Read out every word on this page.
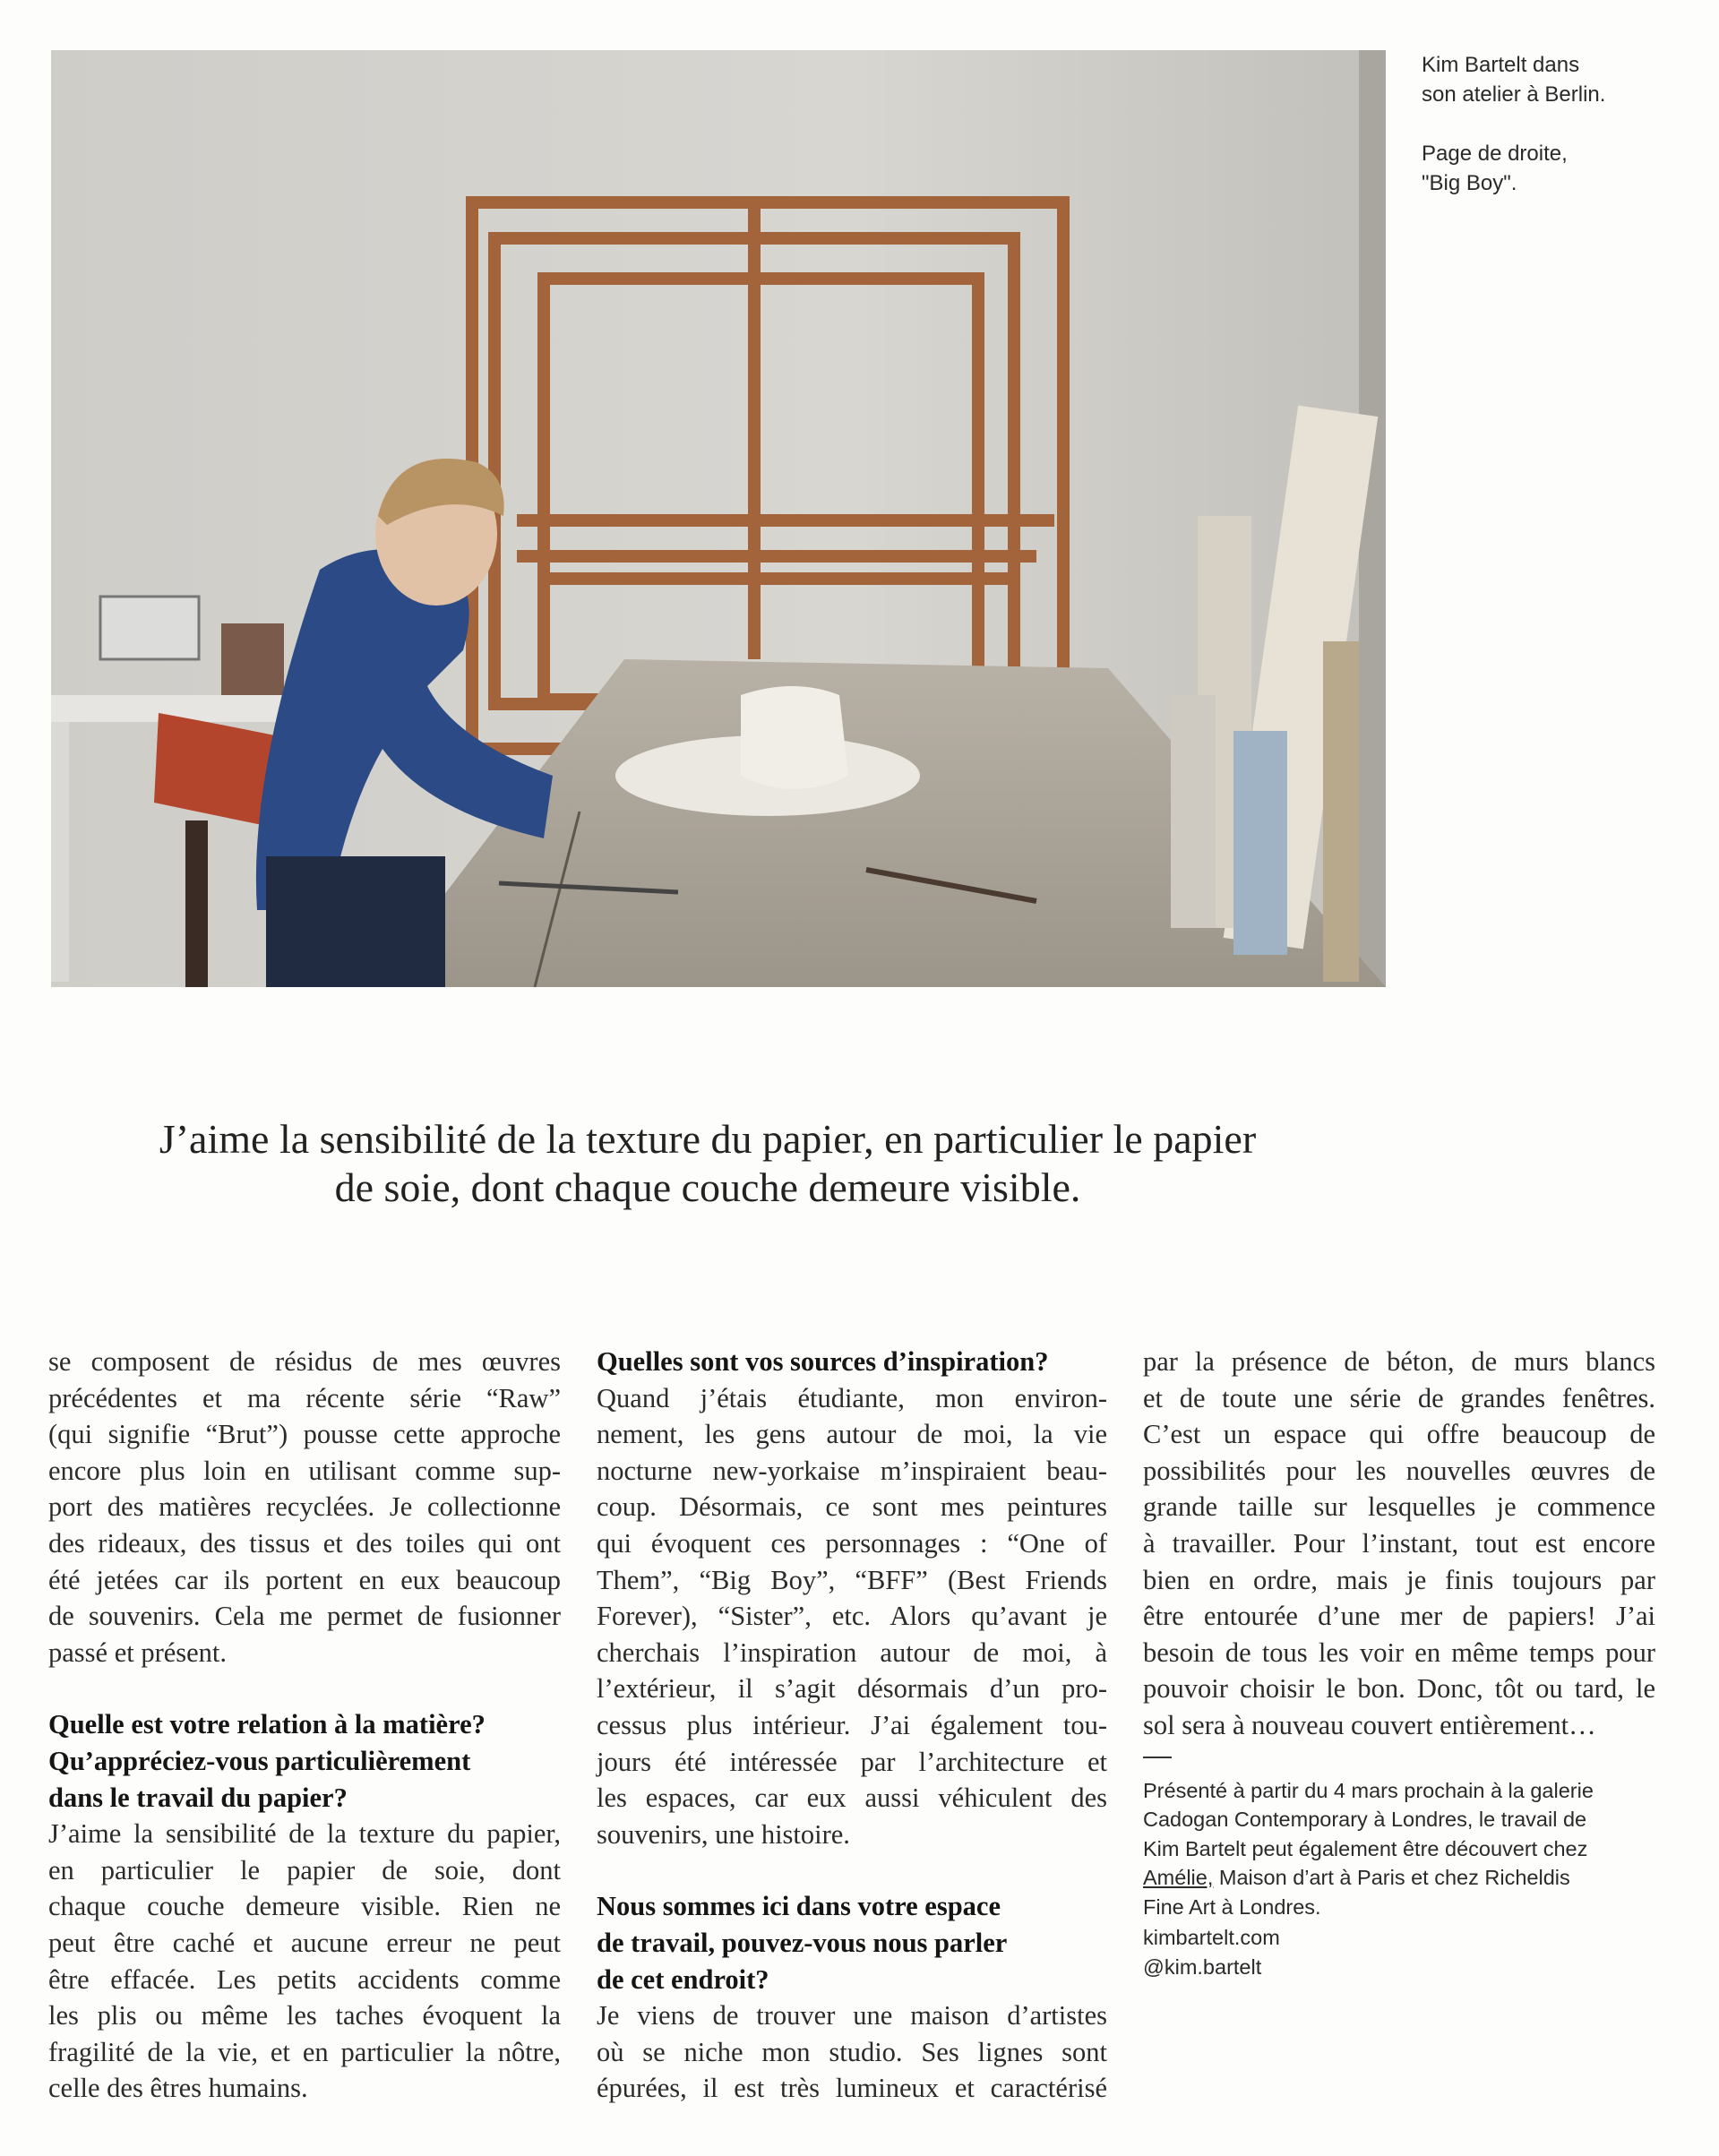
Kim Bartelt dans
son atelier à Berlin.

Page de droite,
"Big Boy".

J’aime la sensibilité de la texture du papier, en particulier le papier
de soie, dont chaque couche demeure visible.

se composent de résidus de mes œuvres
précédentes et ma récente série “Raw”
(qui signifie “Brut”) pousse cette approche
encore plus loin en utilisant comme sup-
port des matières recyclées. Je collectionne
des rideaux, des tissus et des toiles qui ont
été jetées car ils portent en eux beaucoup
de souvenirs. Cela me permet de fusionner
passé et présent.

Quelle est votre relation à la matière?
Qu’appréciez-vous particulièrement
dans le travail du papier?

J’aime la sensibilité de la texture du papier,
en particulier le papier de soie, dont
chaque couche demeure visible. Rien ne
peut être caché et aucune erreur ne peut
être effacée. Les petits accidents comme
les plis ou même les taches évoquent la
fragilité de la vie, et en particulier la nôtre,
celle des êtres humains.

Quelles sont vos sources d’inspiration?

Quand j’étais étudiante, mon environ-
nement, les gens autour de moi, la vie
nocturne new-yorkaise m’inspiraient beau-
coup. Désormais, ce sont mes peintures
qui évoquent ces personnages : “One of
Them”, “Big Boy”, “BFF” (Best Friends
Forever), “Sister”, etc. Alors qu’avant je
cherchais l’inspiration autour de moi, à
l’extérieur, il s’agit désormais d’un pro-
cessus plus intérieur. J’ai également tou-
jours été intéressée par l’architecture et
les espaces, car eux aussi véhiculent des
souvenirs, une histoire.

Nous sommes ici dans votre espace
de travail, pouvez-vous nous parler
de cet endroit?

Je viens de trouver une maison d’artistes
où se niche mon studio. Ses lignes sont
épurées, il est très lumineux et caractérisé

par la présence de béton, de murs blancs
et de toute une série de grandes fenêtres.
C’est un espace qui offre beaucoup de
possibilités pour les nouvelles œuvres de
grande taille sur lesquelles je commence
à travailler. Pour l’instant, tout est encore
bien en ordre, mais je finis toujours par
être entourée d’une mer de papiers! J’ai
besoin de tous les voir en même temps pour
pouvoir choisir le bon. Donc, tôt ou tard, le
sol sera à nouveau couvert entièrement…

Présenté à partir du 4 mars prochain à la galerie
Cadogan Contemporary à Londres, le travail de
Kim Bartelt peut également être découvert chez
Amélie, Maison d’art à Paris et chez Richeldis
Fine Art à Londres.
kimbartelt.com
@kim.bartelt
